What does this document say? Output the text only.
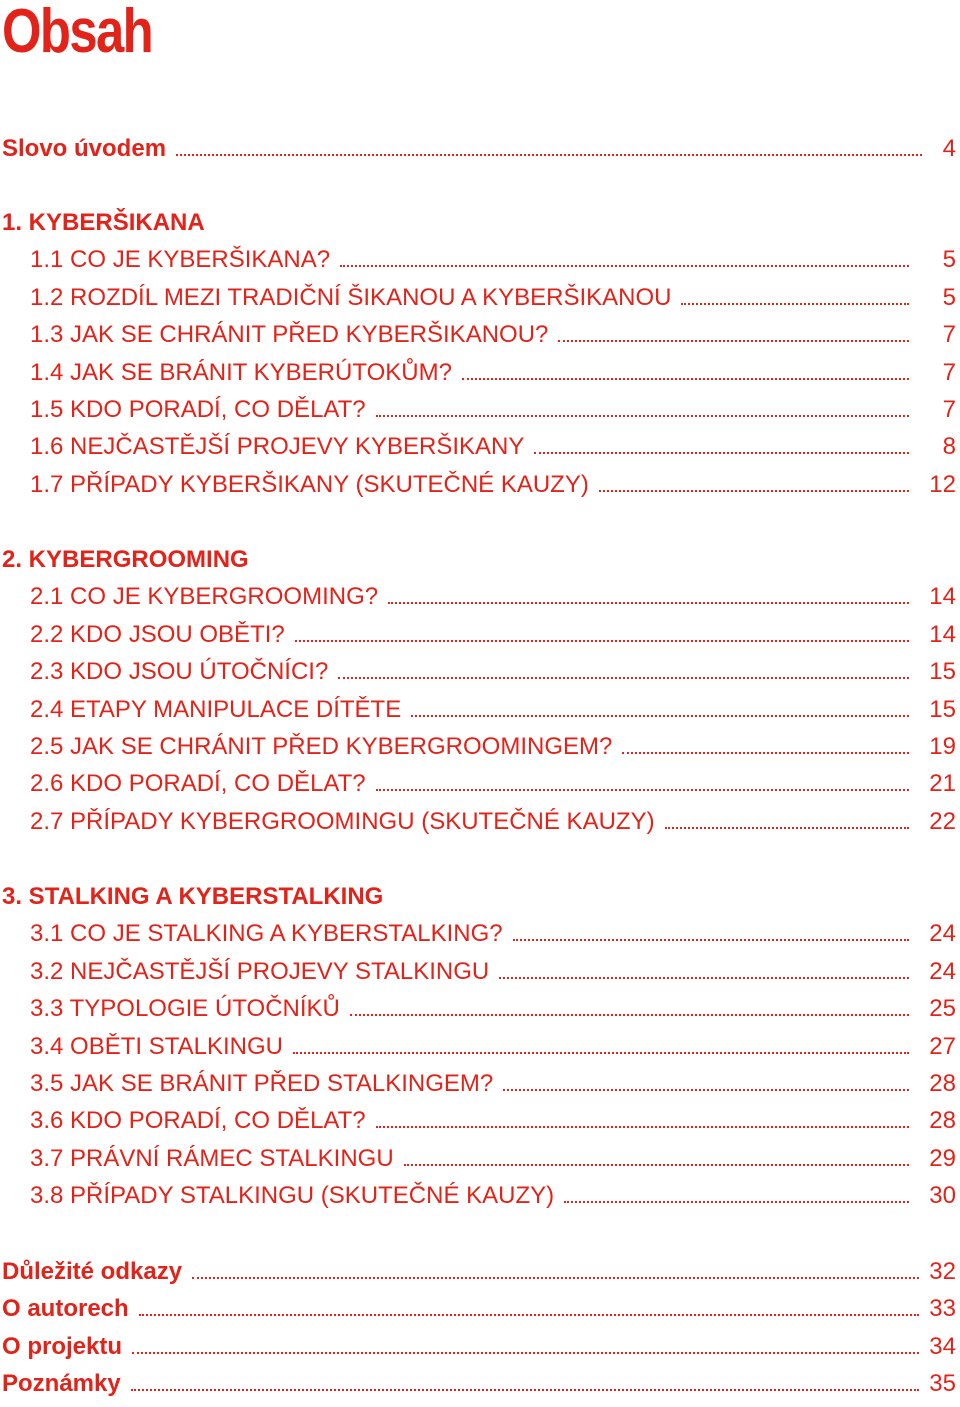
Obsah
Slovo úvodem	4
1. KYBERŠIKANA
1.1 CO JE KYBERŠIKANA?	5
1.2 ROZDÍL MEZI TRADIČNÍ ŠIKANOU A KYBERŠIKANOU	5
1.3 JAK SE CHRÁNIT PŘED KYBERŠIKANOU?	7
1.4 JAK SE BRÁNIT KYBERÚTOKŮM?	7
1.5 KDO PORADÍ, CO DĚLAT?	7
1.6 NEJČASTĚJŠÍ PROJEVY KYBERŠIKANY	8
1.7 PŘÍPADY KYBERŠIKANY (SKUTEČNÉ KAUZY)	12
2. KYBERGROOMING
2.1 CO JE KYBERGROOMING?	14
2.2 KDO JSOU OBĚTI?	14
2.3 KDO JSOU ÚTOČNÍCI?	15
2.4 ETAPY MANIPULACE DÍTĚTE	15
2.5 JAK SE CHRÁNIT PŘED KYBERGROOMINGEM?	19
2.6 KDO PORADÍ, CO DĚLAT?	21
2.7 PŘÍPADY KYBERGROOMINGU (SKUTEČNÉ KAUZY)	22
3. STALKING A KYBERSTALKING
3.1 CO JE STALKING A KYBERSTALKING?	24
3.2 NEJČASTĚJŠÍ PROJEVY STALKINGU	24
3.3 TYPOLOGIE ÚTOČNÍKŮ	25
3.4 OBĚTI STALKINGU	27
3.5 JAK SE BRÁNIT PŘED STALKINGEM?	28
3.6 KDO PORADÍ, CO DĚLAT?	28
3.7 PRÁVNÍ RÁMEC STALKINGU	29
3.8 PŘÍPADY STALKINGU (SKUTEČNÉ KAUZY)	30
Důležité odkazy	32
O autorech	33
O projektu	34
Poznámky	35
